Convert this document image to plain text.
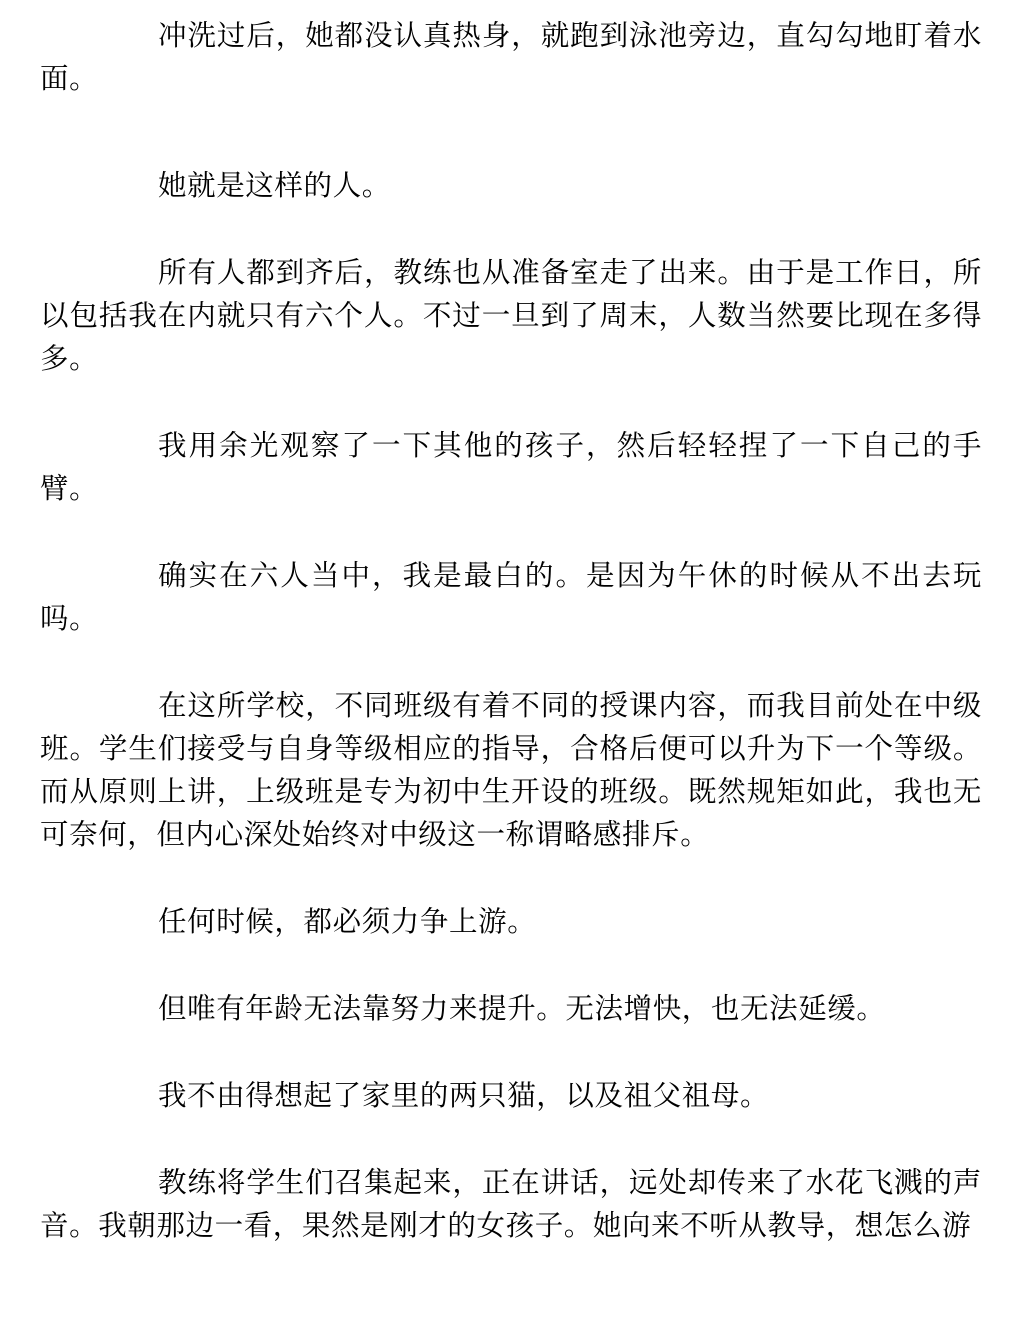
冲洗过后，她都没认真热身，就跑到泳池旁边，直勾勾地盯着水面。

她就是这样的人。

所有人都到齐后，教练也从准备室走了出来。由于是工作日，所以包括我在内就只有六个人。不过一旦到了周末，人数当然要比现在多得多。

我用余光观察了一下其他的孩子，然后轻轻捏了一下自己的手臂。

确实在六人当中，我是最白的。是因为午休的时候从不出去玩吗。

在这所学校，不同班级有着不同的授课内容，而我目前处在中级班。学生们接受与自身等级相应的指导，合格后便可以升为下一个等级。而从原则上讲，上级班是专为初中生开设的班级。既然规矩如此，我也无可奈何，但内心深处始终对中级这一称谓略感排斥。

任何时候，都必须力争上游。

但唯有年龄无法靠努力来提升。无法增快，也无法延缓。

我不由得想起了家里的两只猫，以及祖父祖母。

教练将学生们召集起来，正在讲话，远处却传来了水花飞溅的声音。我朝那边一看，果然是刚才的女孩子。她向来不听从教导，想怎么游
